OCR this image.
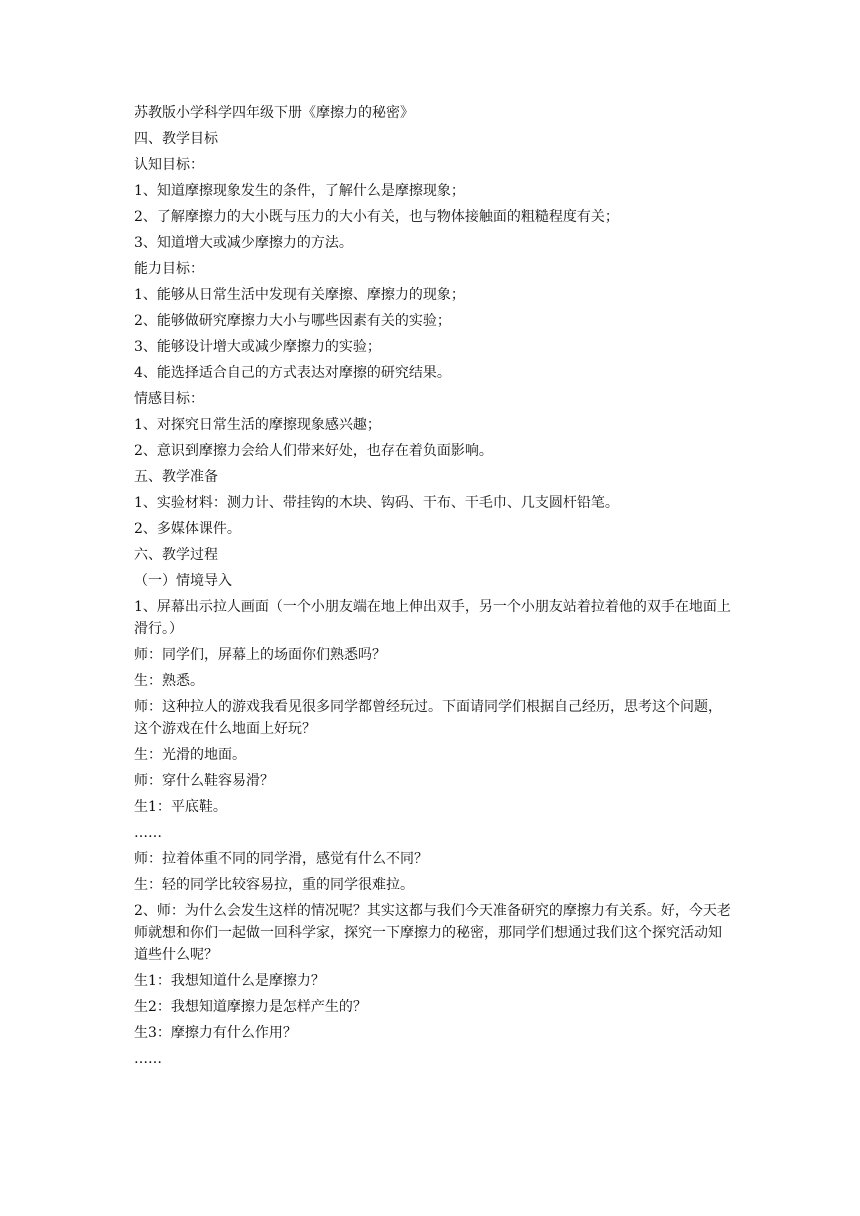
苏教版小学科学四年级下册《摩擦力的秘密》

四、教学目标

认知目标：

1、知道摩擦现象发生的条件，了解什么是摩擦现象；

2、了解摩擦力的大小既与压力的大小有关，也与物体接触面的粗糙程度有关；

3、知道增大或减少摩擦力的方法。

能力目标：

1、能够从日常生活中发现有关摩擦、摩擦力的现象；

2、能够做研究摩擦力大小与哪些因素有关的实验；

3、能够设计增大或减少摩擦力的实验；

4、能选择适合自己的方式表达对摩擦的研究结果。

情感目标：

1、对探究日常生活的摩擦现象感兴趣；

2、意识到摩擦力会给人们带来好处，也存在着负面影响。

五、教学准备

1、实验材料：测力计、带挂钩的木块、钩码、干布、干毛巾、几支圆杆铅笔。

2、多媒体课件。

六、教学过程

（一）情境导入

1、屏幕出示拉人画面（一个小朋友端在地上伸出双手，另一个小朋友站着拉着他的双手在地面上滑行。）

师：同学们，屏幕上的场面你们熟悉吗？

生：熟悉。

师：这种拉人的游戏我看见很多同学都曾经玩过。下面请同学们根据自己经历，思考这个问题，这个游戏在什么地面上好玩？

生：光滑的地面。

师：穿什么鞋容易滑？

生1：平底鞋。

……

师：拉着体重不同的同学滑，感觉有什么不同？

生：轻的同学比较容易拉，重的同学很难拉。

2、师：为什么会发生这样的情况呢？其实这都与我们今天准备研究的摩擦力有关系。好，今天老师就想和你们一起做一回科学家，探究一下摩擦力的秘密，那同学们想通过我们这个探究活动知道些什么呢？

生1：我想知道什么是摩擦力？

生2：我想知道摩擦力是怎样产生的？

生3：摩擦力有什么作用？

……
